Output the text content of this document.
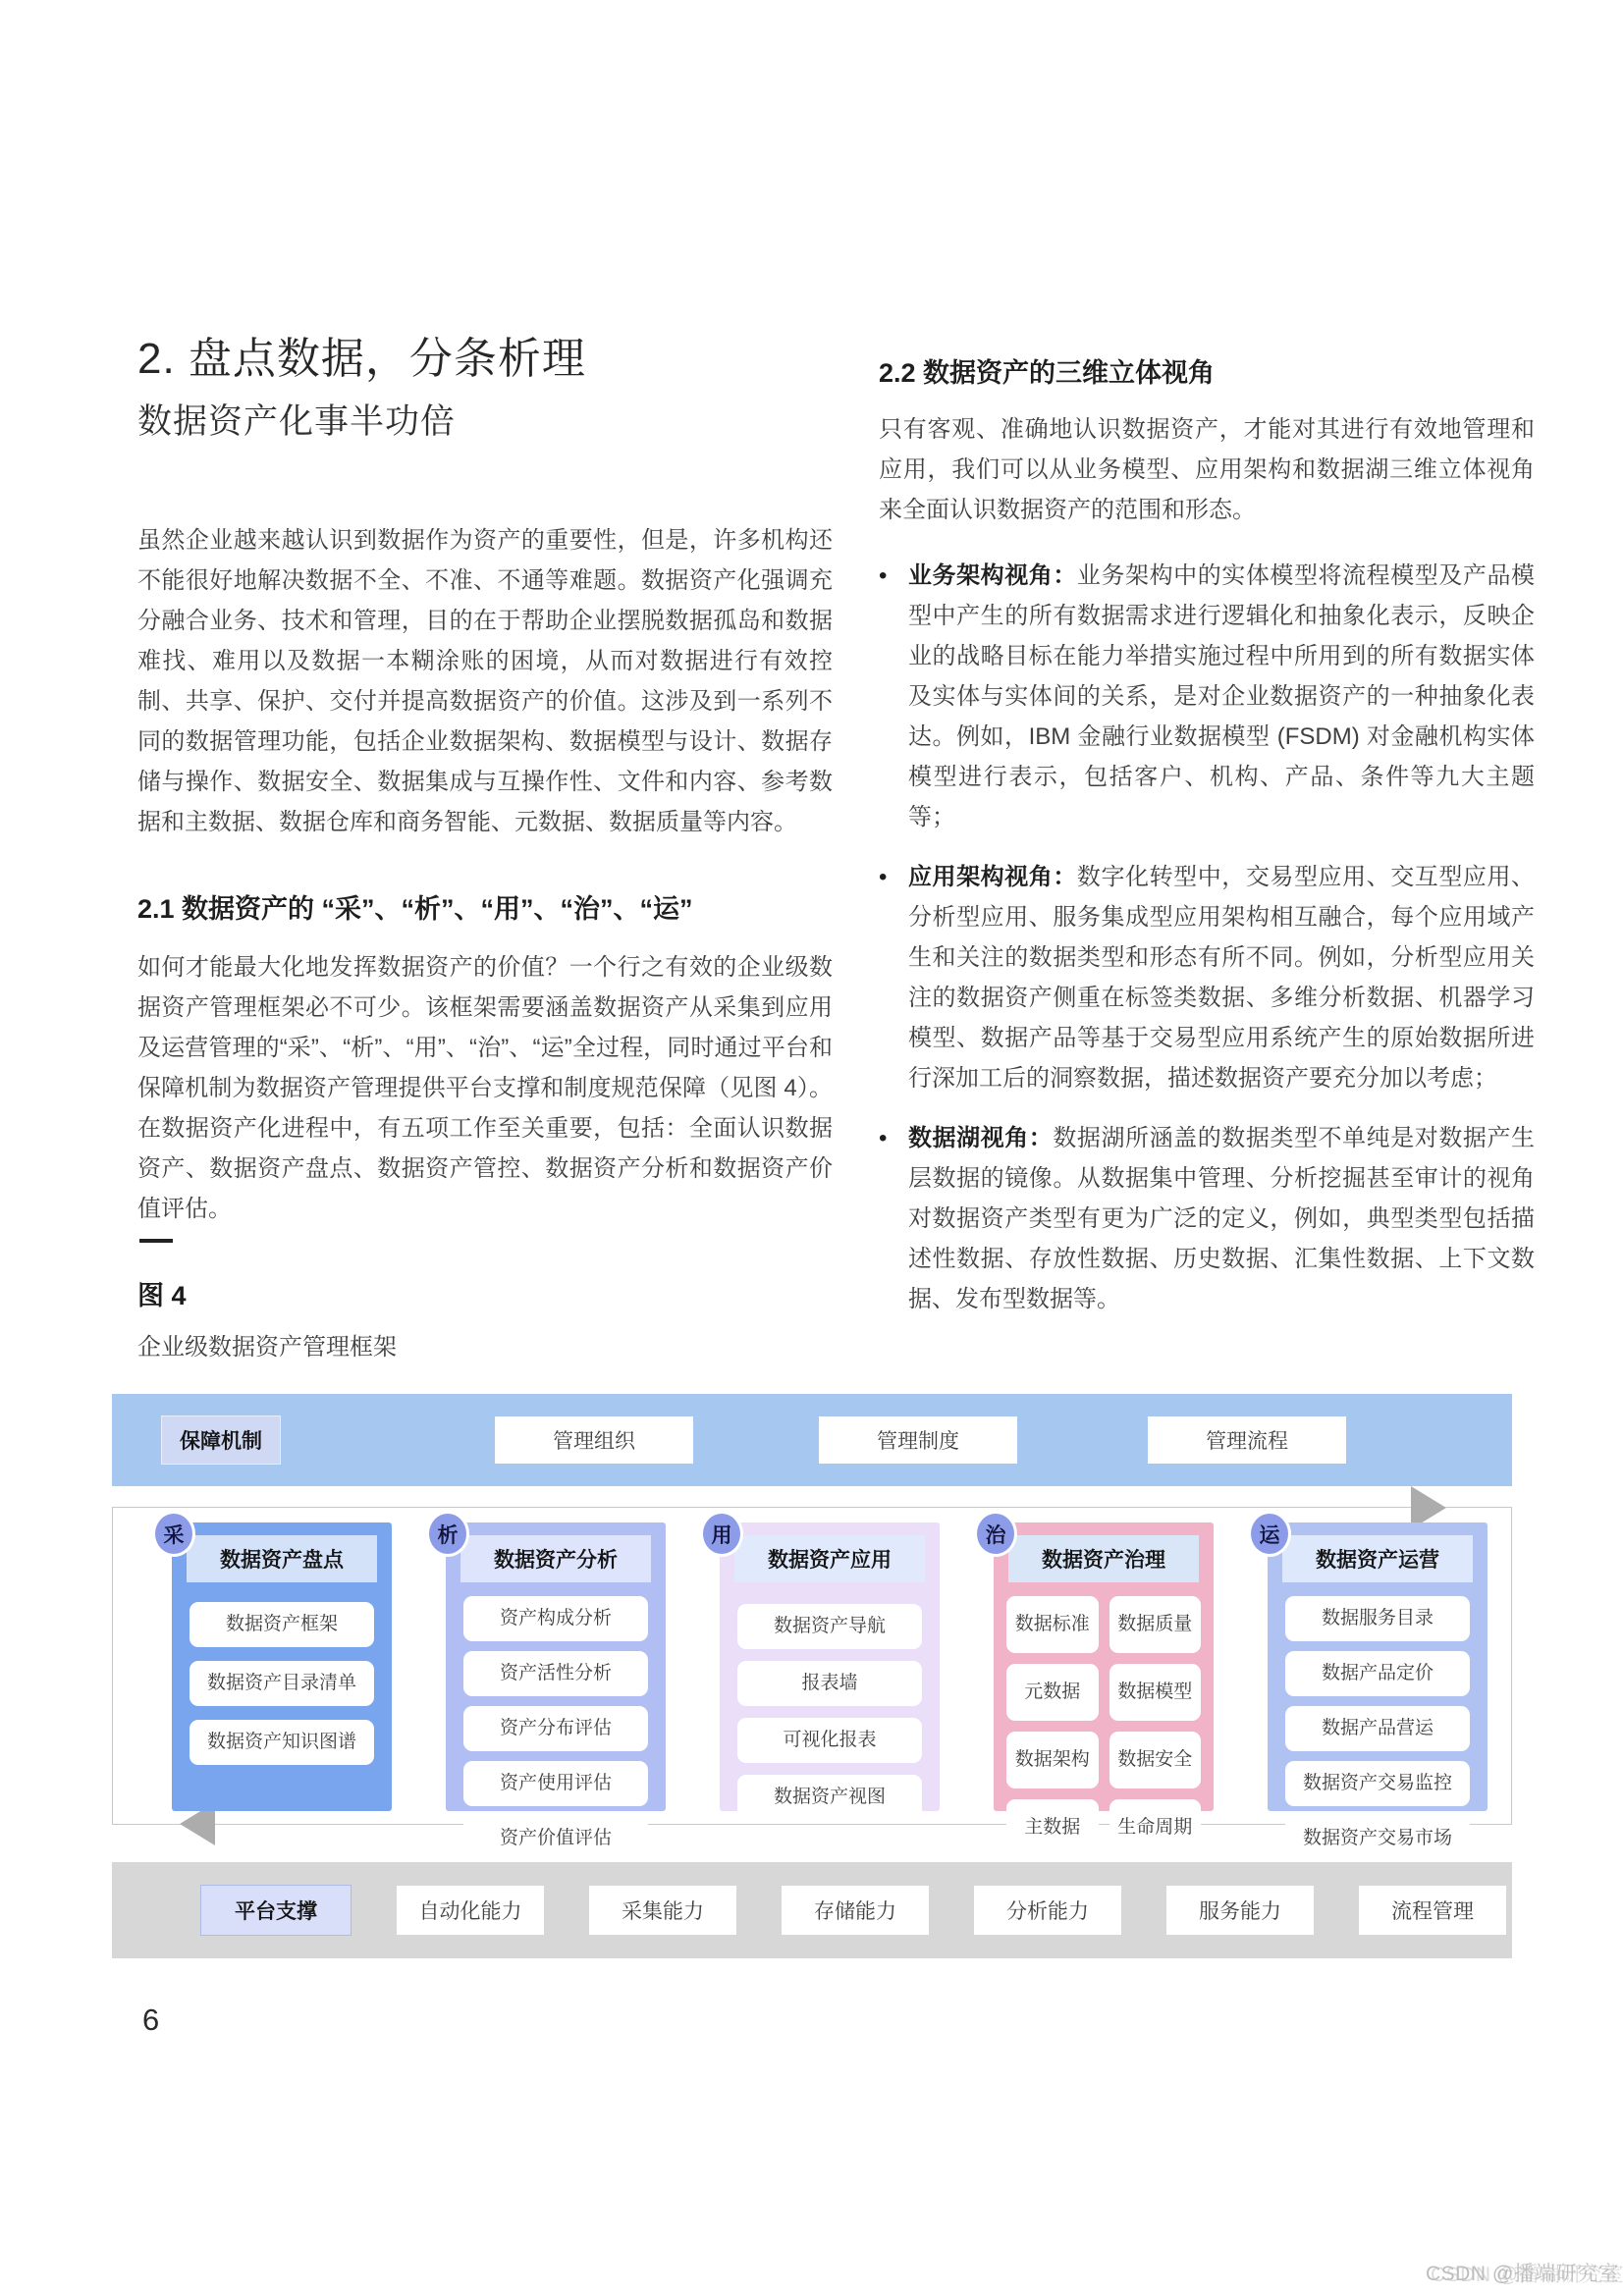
2. 盘点数据，分条析理
数据资产化事半功倍
虽然企业越来越认识到数据作为资产的重要性，但是，许多机构还不能很好地解决数据不全、不准、不通等难题。数据资产化强调充分融合业务、技术和管理，目的在于帮助企业摆脱数据孤岛和数据难找、难用以及数据一本糊涂账的困境，从而对数据进行有效控制、共享、保护、交付并提高数据资产的价值。这涉及到一系列不同的数据管理功能，包括企业数据架构、数据模型与设计、数据存储与操作、数据安全、数据集成与互操作性、文件和内容、参考数据和主数据、数据仓库和商务智能、元数据、数据质量等内容。
2.1 数据资产的 “采”、“析”、“用”、“治”、“运”
如何才能最大化地发挥数据资产的价值？一个行之有效的企业级数据资产管理框架必不可少。该框架需要涵盖数据资产从采集到应用及运营管理的“采”、“析”、“用”、“治”、“运”全过程，同时通过平台和保障机制为数据资产管理提供平台支撑和制度规范保障（见图 4）。在数据资产化进程中，有五项工作至关重要，包括：全面认识数据资产、数据资产盘点、数据资产管控、数据资产分析和数据资产价值评估。
2.2 数据资产的三维立体视角
只有客观、准确地认识数据资产，才能对其进行有效地管理和应用，我们可以从业务模型、应用架构和数据湖三维立体视角来全面认识数据资产的范围和形态。
• 业务架构视角：业务架构中的实体模型将流程模型及产品模型中产生的所有数据需求进行逻辑化和抽象化表示，反映企业的战略目标在能力举措实施过程中所用到的所有数据实体及实体与实体间的关系，是对企业数据资产的一种抽象化表达。例如，IBM 金融行业数据模型 (FSDM) 对金融机构实体模型进行表示，包括客户、机构、产品、条件等九大主题等；
• 应用架构视角：数字化转型中，交易型应用、交互型应用、分析型应用、服务集成型应用架构相互融合，每个应用域产生和关注的数据类型和形态有所不同。例如，分析型应用关注的数据资产侧重在标签类数据、多维分析数据、机器学习模型、数据产品等基于交易型应用系统产生的原始数据所进行深加工后的洞察数据，描述数据资产要充分加以考虑；
• 数据湖视角：数据湖所涵盖的数据类型不单纯是对数据产生层数据的镜像。从数据集中管理、分析挖掘甚至审计的视角对数据资产类型有更为广泛的定义，例如，典型类型包括描述性数据、存放性数据、历史数据、汇集性数据、上下文数据、发布型数据等。
图 4
企业级数据资产管理框架
保障机制	管理组织	管理制度	管理流程
采
数据资产盘点
数据资产框架
数据资产目录清单
数据资产知识图谱
析
数据资产分析
资产构成分析
资产活性分析
资产分布评估
资产使用评估
资产价值评估
用
数据资产应用
数据资产导航
报表墙
可视化报表
数据资产视图
治
数据资产治理
数据标准	数据质量
元数据	数据模型
数据架构	数据安全
主数据	生命周期
运
数据资产运营
数据服务目录
数据产品定价
数据产品营运
数据资产交易监控
数据资产交易市场
平台支撑	自动化能力	采集能力	存储能力	分析能力	服务能力	流程管理
6
CSDN @播端研究室
